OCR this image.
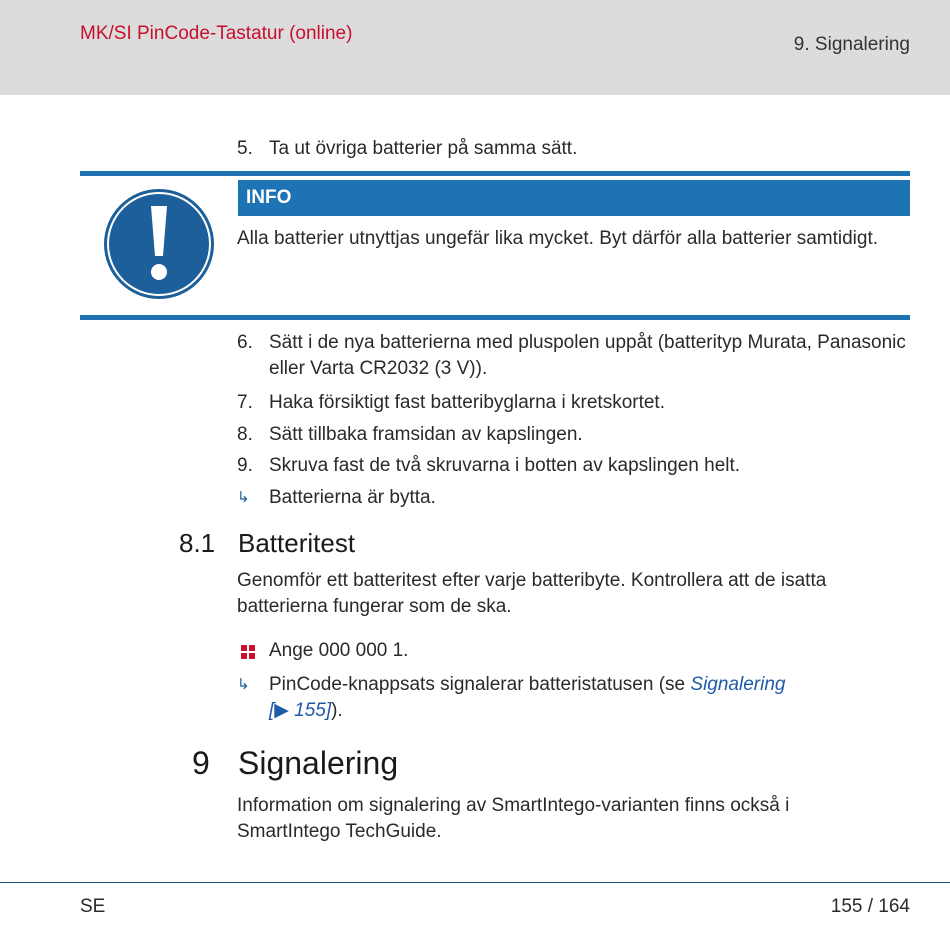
MK/SI PinCode-Tastatur (online)
9. Signalering
5. Ta ut övriga batterier på samma sätt.
INFO
Alla batterier utnyttjas ungefär lika mycket. Byt därför alla batterier samtidigt.
6. Sätt i de nya batterierna med pluspolen uppåt (batterityp Murata, Panasonic eller Varta CR2032 (3 V)).
7. Haka försiktigt fast batteribyglarna i kretskortet.
8. Sätt tillbaka framsidan av kapslingen.
9. Skruva fast de två skruvarna i botten av kapslingen helt.
↳	Batterierna är bytta.
8.1 Batteritest
Genomför ett batteritest efter varje batteribyte. Kontrollera att de isatta batterierna fungerar som de ska.
Ange 000 000 1.
↳	PinCode-knappsats signalerar batteristatusen (se Signalering
[▶ 155]).
9 Signalering
Information om signalering av SmartIntego-varianten finns också i SmartIntego TechGuide.
SE	155 / 164
